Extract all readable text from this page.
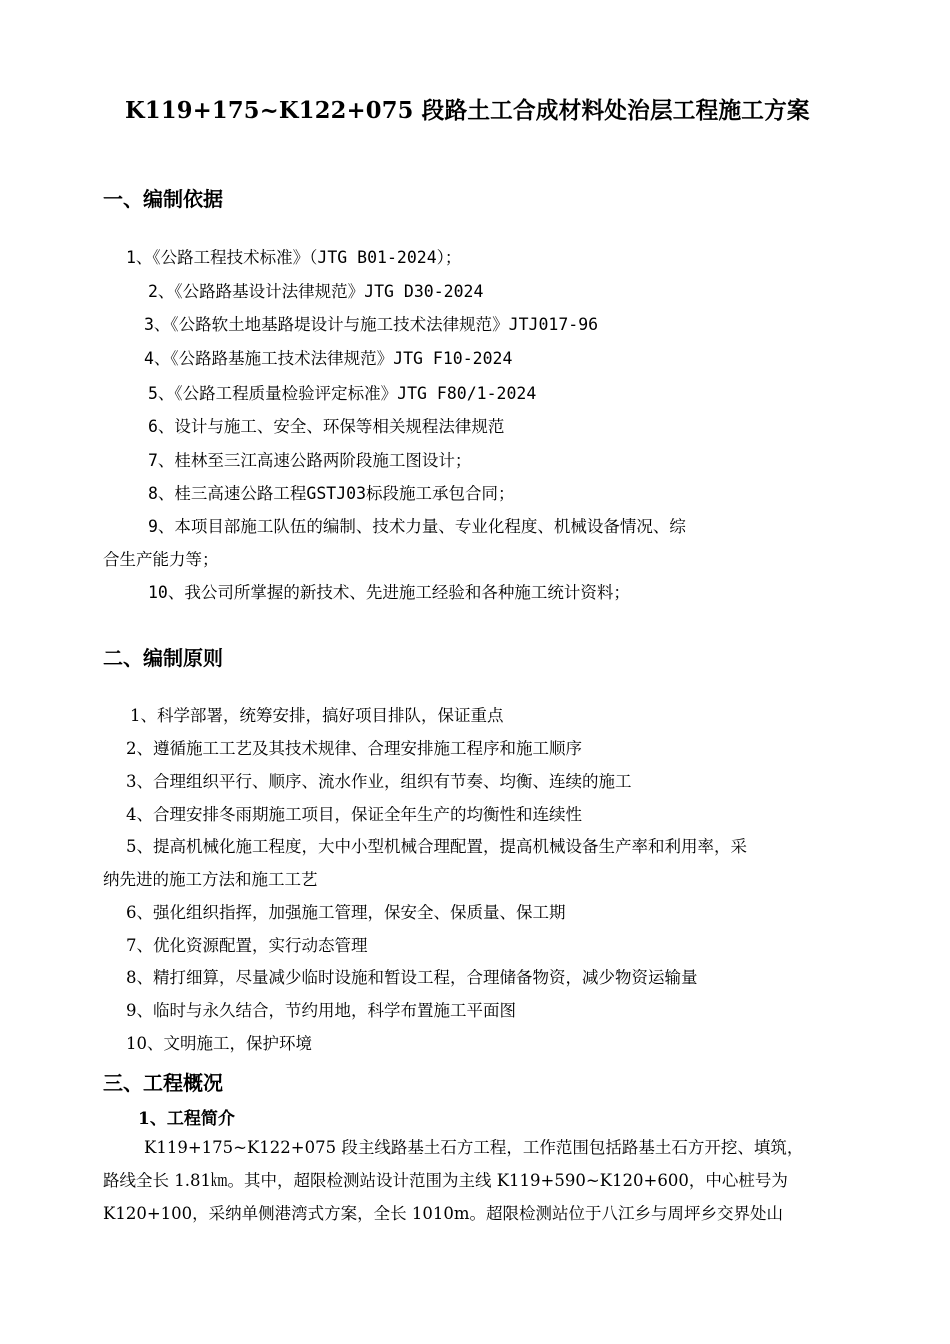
K119+175~K122+075 段路土工合成材料处治层工程施工方案
一、编制依据
1、《公路工程技术标准》（JTG B01-2024）；
2、《公路路基设计法律规范》JTG D30-2024
3、《公路软土地基路堤设计与施工技术法律规范》JTJ017-96
4、《公路路基施工技术法律规范》JTG F10-2024
5、《公路工程质量检验评定标准》JTG F80/1-2024
6、设计与施工、安全、环保等相关规程法律规范
7、桂林至三江高速公路两阶段施工图设计；
8、桂三高速公路工程GSTJ03标段施工承包合同；
9、本项目部施工队伍的编制、技术力量、专业化程度、机械设备情况、综
合生产能力等；
10、我公司所掌握的新技术、先进施工经验和各种施工统计资料；
二、编制原则
1、科学部署，统筹安排，搞好项目排队，保证重点
2、遵循施工工艺及其技术规律、合理安排施工程序和施工顺序
3、合理组织平行、顺序、流水作业，组织有节奏、均衡、连续的施工
4、合理安排冬雨期施工项目，保证全年生产的均衡性和连续性
5、提高机械化施工程度，大中小型机械合理配置，提高机械设备生产率和利用率，采
纳先进的施工方法和施工工艺
6、强化组织指挥，加强施工管理，保安全、保质量、保工期
7、优化资源配置，实行动态管理
8、精打细算，尽量减少临时设施和暂设工程，合理储备物资，减少物资运输量
9、临时与永久结合，节约用地，科学布置施工平面图
10、文明施工，保护环境
三、工程概况
1、工程简介
K119+175~K122+075 段主线路基土石方工程，工作范围包括路基土石方开挖、填筑，
路线全长 1.81㎞。其中，超限检测站设计范围为主线 K119+590~K120+600，中心桩号为
K120+100，采纳单侧港湾式方案，全长 1010m。超限检测站位于八江乡与周坪乡交界处山
